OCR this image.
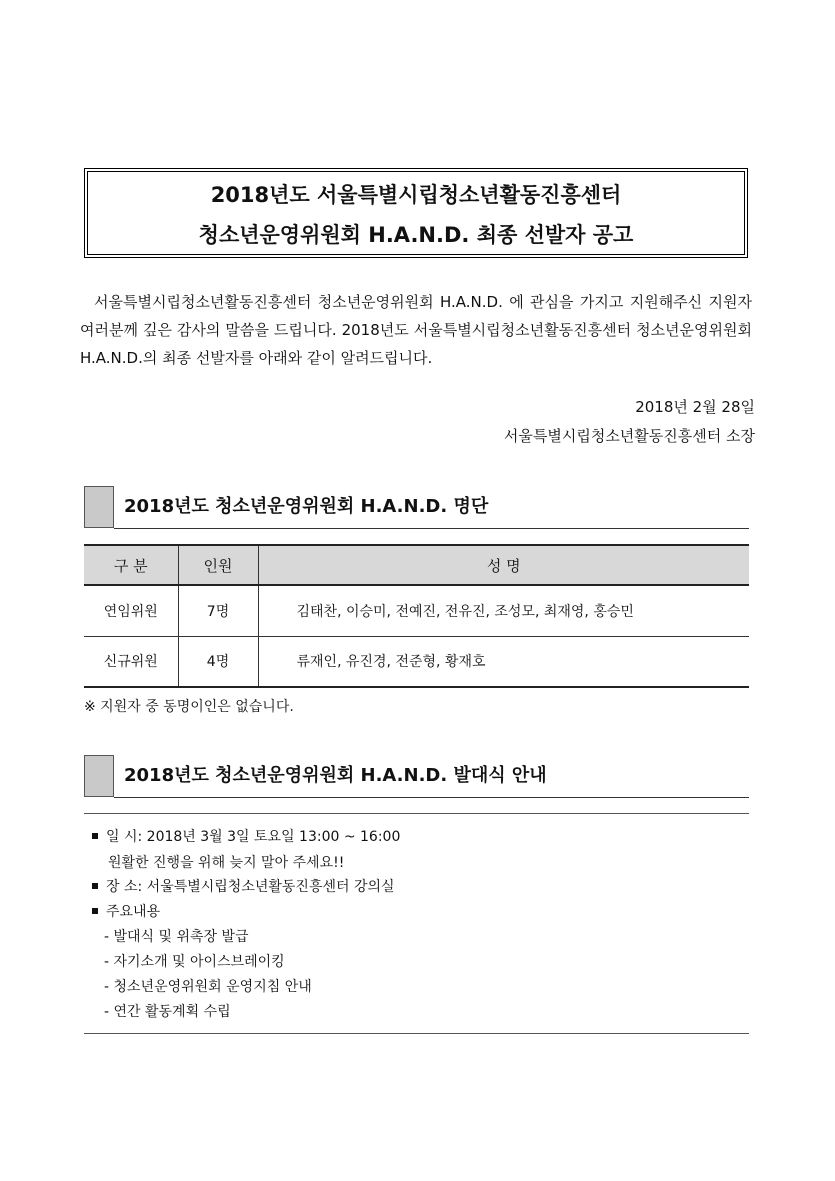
2018년도 서울특별시립청소년활동진흥센터
청소년운영위원회 H.A.N.D. 최종 선발자 공고
서울특별시립청소년활동진흥센터 청소년운영위원회 H.A.N.D. 에 관심을 가지고 지원해주신 지원자 여러분께 깊은 감사의 말씀을 드립니다. 2018년도 서울특별시립청소년활동진흥센터 청소년운영위원회 H.A.N.D.의 최종 선발자를 아래와 같이 알려드립니다.
2018년 2월 28일
서울특별시립청소년활동진흥센터 소장
2018년도 청소년운영위원회 H.A.N.D. 명단
구 분	인원	성 명
연임위원	7명	김태찬, 이승미, 전예진, 전유진, 조성모, 최재영, 홍승민
신규위원	4명	류재인, 유진경, 전준형, 황재호
※ 지원자 중 동명이인은 없습니다.
2018년도 청소년운영위원회 H.A.N.D. 발대식 안내
일 시: 2018년 3월 3일 토요일 13:00 ~ 16:00
원활한 진행을 위해 늦지 말아 주세요!!
장 소: 서울특별시립청소년활동진흥센터 강의실
주요내용
- 발대식 및 위촉장 발급
- 자기소개 및 아이스브레이킹
- 청소년운영위원회 운영지침 안내
- 연간 활동계획 수립
